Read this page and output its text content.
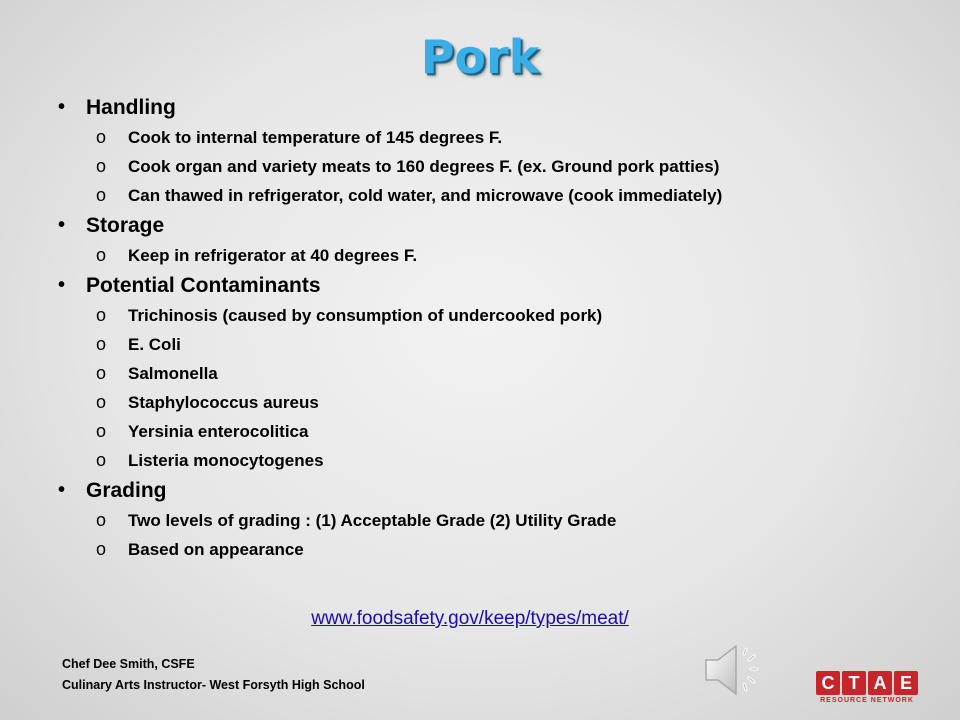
Pork
• Handling
o Cook to internal temperature of 145 degrees F.
o Cook organ and variety meats to 160 degrees F. (ex. Ground pork patties)
o Can thawed in refrigerator, cold water, and microwave (cook immediately)
• Storage
o Keep in refrigerator at 40 degrees F.
• Potential Contaminants
o Trichinosis (caused by consumption of undercooked pork)
o E. Coli
o Salmonella
o Staphylococcus aureus
o Yersinia enterocolitica
o Listeria monocytogenes
• Grading
o Two levels of grading : (1) Acceptable Grade (2) Utility Grade
o Based on appearance
www.foodsafety.gov/keep/types/meat/
Chef Dee Smith, CSFE
Culinary Arts Instructor- West Forsyth High School	C T A E
RESOURCE NETWORK
